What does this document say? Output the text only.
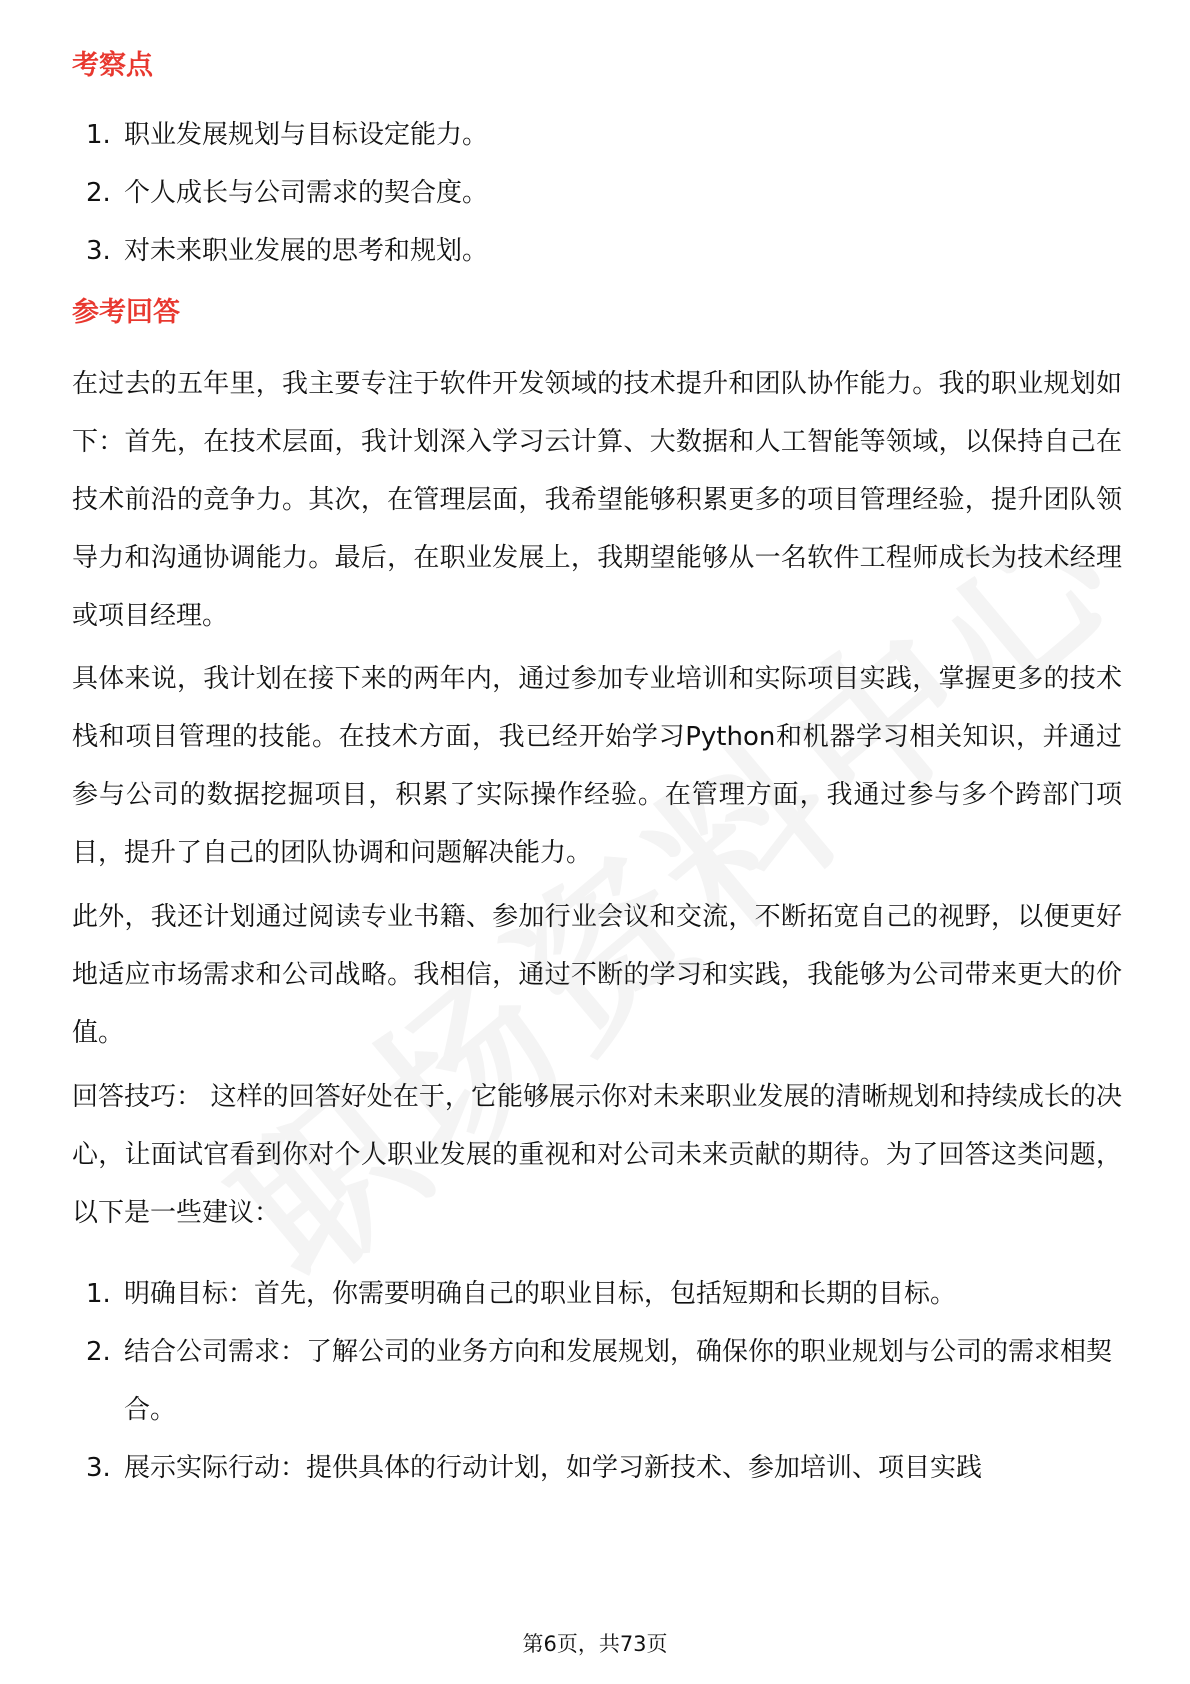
考察点
1. 职业发展规划与目标设定能力。
2. 个人成长与公司需求的契合度。
3. 对未来职业发展的思考和规划。
参考回答

在过去的五年里，我主要专注于软件开发领域的技术提升和团队协作能力。我的职业规划如下：首先，在技术层面，我计划深入学习云计算、大数据和人工智能等领域，以保持自己在技术前沿的竞争力。其次，在管理层面，我希望能够积累更多的项目管理经验，提升团队领导力和沟通协调能力。最后，在职业发展上，我期望能够从一名软件工程师成长为技术经理或项目经理。

具体来说，我计划在接下来的两年内，通过参加专业培训和实际项目实践，掌握更多的技术栈和项目管理的技能。在技术方面，我已经开始学习Python和机器学习相关知识，并通过参与公司的数据挖掘项目，积累了实际操作经验。在管理方面，我通过参与多个跨部门项目，提升了自己的团队协调和问题解决能力。

此外，我还计划通过阅读专业书籍、参加行业会议和交流，不断拓宽自己的视野，以便更好地适应市场需求和公司战略。我相信，通过不断的学习和实践，我能够为公司带来更大的价值。

回答技巧： 这样的回答好处在于，它能够展示你对未来职业发展的清晰规划和持续成长的决心，让面试官看到你对个人职业发展的重视和对公司未来贡献的期待。为了回答这类问题，以下是一些建议：

1. 明确目标：首先，你需要明确自己的职业目标，包括短期和长期的目标。
2. 结合公司需求：了解公司的业务方向和发展规划，确保你的职业规划与公司的需求相契合。
3. 展示实际行动：提供具体的行动计划，如学习新技术、参加培训、项目实践
第6页，共73页
